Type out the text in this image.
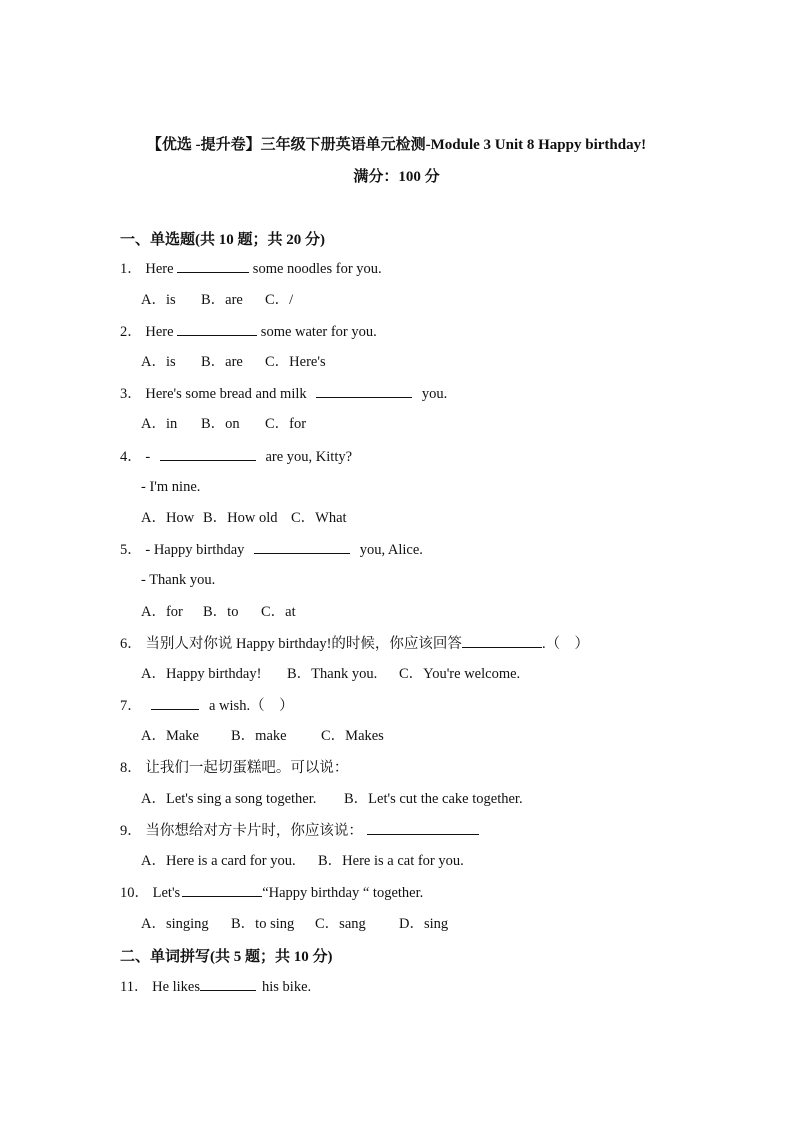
【优选 -提升卷】三年级下册英语单元检测-Module 3 Unit 8 Happy birthday!
满分：100 分
一、单选题(共 10 题；共 20 分)
1． Here	some noodles for you.
A．is B．are C．/
2． Here	some water for you.
A．is B．are C．Here's
3． Here's some bread and milk	you.
A．in B．on C．for
4． -	are you, Kitty?
- I'm nine.
A．How B．How old C．What
5． - Happy birthday	you, Alice.
- Thank you.
A．for B．to C．at
6． 当别人对你说 Happy birthday!的时候，你应该回答	.（　）
A．Happy birthday! B．Thank you. C．You're welcome.
7．	a wish.（　）
A．Make B．make C．Makes
8． 让我们一起切蛋糕吧。可以说：
A．Let's sing a song together. B．Let's cut the cake together.
9． 当你想给对方卡片时，你应该说：
A．Here is a card for you. B．Here is a cat for you.
10． Let's	“Happy birthday “ together.
A．singing B．to sing C．sang D．sing
二、单词拼写(共 5 题；共 10 分)
11． He likes	his bike.
